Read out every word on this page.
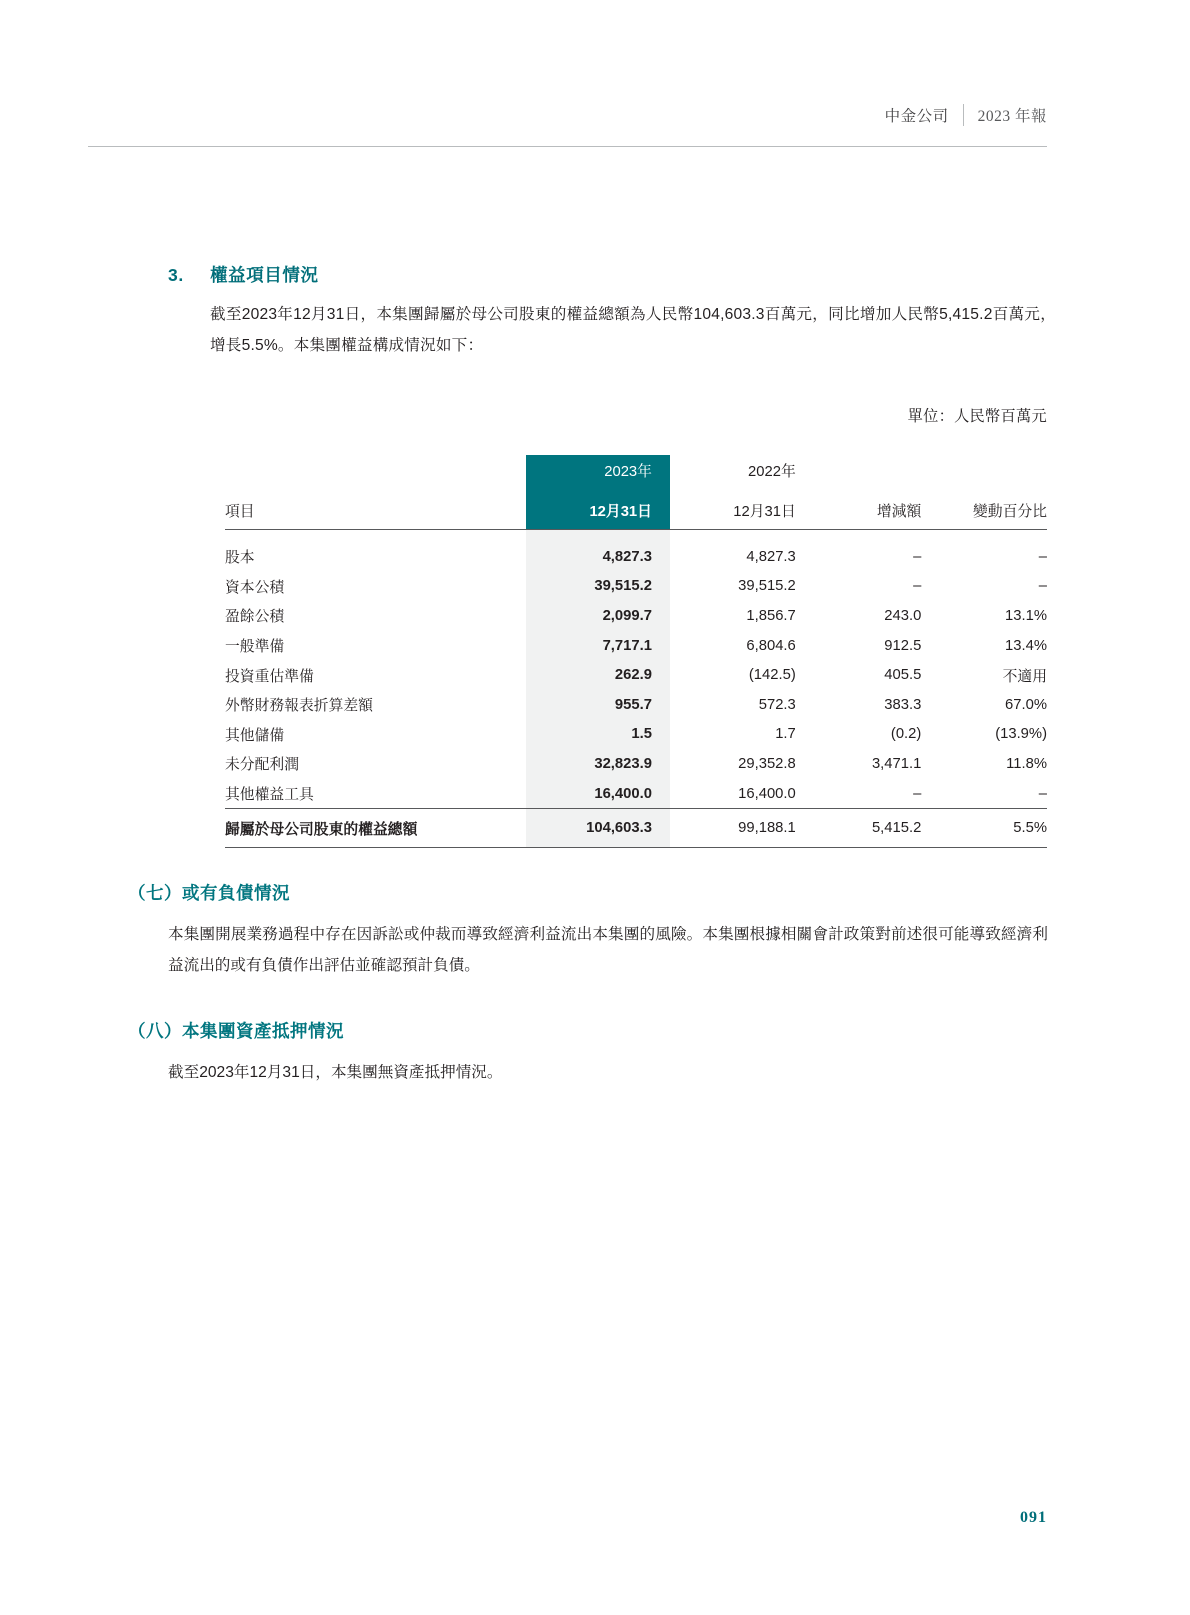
中金公司	2023 年報
3.	權益項目情況
截至2023年12月31日，本集團歸屬於母公司股東的權益總額為人民幣104,603.3百萬元，同比增加人民幣5,415.2百萬元，增長5.5%。本集團權益構成情況如下：
單位：人民幣百萬元
	2023年	2022年		
項目	12月31日	12月31日	增減額	變動百分比

股本	4,827.3	4,827.3	–	–
資本公積	39,515.2	39,515.2	–	–
盈餘公積	2,099.7	1,856.7	243.0	13.1%
一般準備	7,717.1	6,804.6	912.5	13.4%
投資重估準備	262.9	(142.5)	405.5	不適用
外幣財務報表折算差額	955.7	572.3	383.3	67.0%
其他儲備	1.5	1.7	(0.2)	(13.9%)
未分配利潤	32,823.9	29,352.8	3,471.1	11.8%
其他權益工具	16,400.0	16,400.0	–	–
歸屬於母公司股東的權益總額	104,603.3	99,188.1	5,415.2	5.5%
（七）或有負債情況
本集團開展業務過程中存在因訴訟或仲裁而導致經濟利益流出本集團的風險。本集團根據相關會計政策對前述很可能導致經濟利益流出的或有負債作出評估並確認預計負債。
（八）本集團資產抵押情況
截至2023年12月31日，本集團無資產抵押情況。
091
